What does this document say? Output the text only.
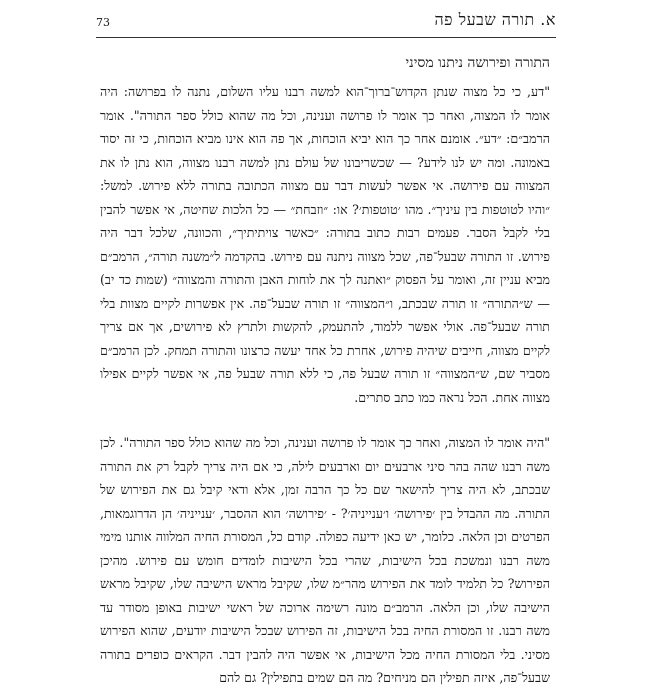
73	א. תורה שבעל פה
התורה ופירושה ניתנו מסיני

"דע, כי כל מצוה שנתן הקדוש־ברוך־הוא למשה רבנו עליו השלום, נתנה לו בפרושה: היה אומר לו המצוה, ואחר כך אומר לו פרושה וענינה, וכל מה שהוא כולל ספר התורה". אומר הרמב״ם: ״דע״. אומנם אחר כך הוא יביא הוכחות, אך פה הוא אינו מביא הוכחות, כי זה יסוד באמונה. ומה יש לנו לידע? — שכשריבונו של עולם נתן למשה רבנו מצווה, הוא נתן לו את המצווה עם פירושה. אי אפשר לעשות דבר עם מצווה הכתובה בתורה ללא פירוש. למשל: ״והיו לטוטפות בין עיניך״. מהו ׳טוטפות׳? או: ״וזבחת״ — כל הלכות שחיטה, אי אפשר להבין בלי לקבל הסבר. פעמים רבות כתוב בתורה: ״כאשר צויתיתיך״, והכוונה, שלכל דבר היה פירוש. זו התורה שבעל־פה, שכל מצווה ניתנה עם פירוש. בהקדמה ל״משנה תורה״, הרמב״ם מביא עניין זה, ואומר על הפסוק ״ואתנה לך את לוחות האבן והתורה והמצווה״ (שמות כד יב) — ש״התורה״ זו תורה שבכתב, ו״המצווה״ זו תורה שבעל־פה. אין אפשרות לקיים מצוות בלי תורה שבעל־פה. אולי אפשר ללמוד, להתעמק, להקשות ולתרץ לא פירושים, אך אם צריך לקיים מצווה, חייבים שיהיה פירוש, אחרת כל אחד יעשה כרצונו והתורה תמחק. לכן הרמב״ם מסביר שם, ש״המצווה״ זו תורה שבעל פה, כי ללא תורה שבעל פה, אי אפשר לקיים אפילו מצווה אחת. הכל נראה כמו כתב סתרים.

"היה אומר לו המצוה, ואחר כך אומר לו פרושה וענינה, וכל מה שהוא כולל ספר התורה". לכן משה רבנו שהה בהר סיני ארבעים יום וארבעים לילה, כי אם היה צריך לקבל רק את התורה שבכתב, לא היה צריך להישאר שם כל כך הרבה זמן, אלא ודאי קיבל גם את הפירוש של התורה. מה ההבדל בין ׳פירושה׳ ו׳ענייניה׳? - ׳פירושה׳ הוא ההסבר, ׳ענייניה׳ הן הדרוגמאות, הפרטים וכן הלאה. כלומר, יש כאן ידיעה כפולה. קודם כל, המסורת החיה המלווה אותנו מימי משה רבנו ונמשכת בכל הישיבות, שהרי בכל הישיבות לומדים חומש עם פירוש. מהיכן הפירוש? כל תלמיד לומד את הפירוש מהר״מ שלו, שקיבל מראש הישיבה שלו, שקיבל מראש הישיבה שלו, וכן הלאה. הרמב״ם מונה רשימה ארוכה של ראשי ישיבות באופן מסודר עד משה רבנו. זו המסורת החיה בכל הישיבות, זה הפירוש שבכל הישיבות יודעים, שהוא הפירוש מסיני. בלי המסורת החיה מכל הישיבות, אי אפשר היה להבין דבר. הקראים כופרים בתורה שבעל־פה, איזה תפילין הם מניחים? מה הם שמים בתפילין? גם להם
